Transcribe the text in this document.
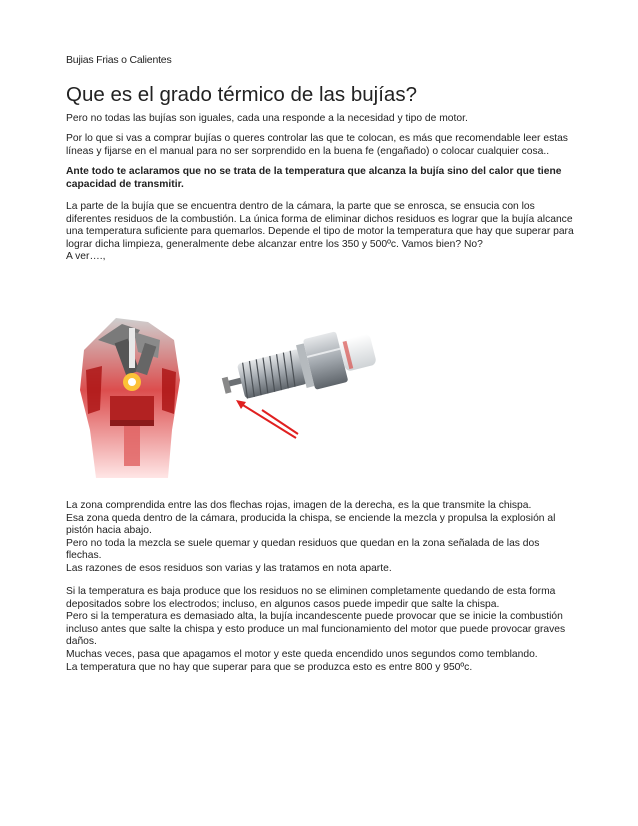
Bujias Frias o Calientes
Que es el grado térmico de las bujías?

Pero no todas las bujías son iguales, cada una responde a la necesidad y tipo de motor.

Por lo que si vas a comprar bujías o queres controlar las que te colocan, es más que recomendable leer estas
líneas y fijarse en el manual para no ser sorprendido en la buena fe (engañado) o colocar cualquier cosa..

Ante todo te aclaramos que no se trata de la temperatura que alcanza la bujía sino del calor que tiene
capacidad de transmitir.

La parte de la bujía que se encuentra dentro de la cámara, la parte que se enrosca, se ensucia con los
diferentes residuos de la combustión. La única forma de eliminar dichos residuos es lograr que la bujía alcance
una temperatura suficiente para quemarlos. Depende el tipo de motor la temperatura que hay que superar para
lograr dicha limpieza, generalmente debe alcanzar entre los 350 y 500ºc. Vamos bien? No?
A ver….,

La zona comprendida entre las dos flechas rojas, imagen de la derecha, es la que transmite la chispa.
Esa zona queda dentro de la cámara, producida la chispa, se enciende la mezcla y propulsa la explosión al
pistón hacia abajo.
Pero no toda la mezcla se suele quemar y quedan residuos que quedan en la zona señalada de las dos
flechas.
Las razones de esos residuos son varias y las tratamos en nota aparte.

Si la temperatura es baja produce que los residuos no se eliminen completamente quedando de esta forma
depositados sobre los electrodos; incluso, en algunos casos puede impedir que salte la chispa.
Pero si la temperatura es demasiado alta, la bujía incandescente puede provocar que se inicie la combustión
incluso antes que salte la chispa y esto produce un mal funcionamiento del motor que puede provocar graves
daños.
Muchas veces, pasa que apagamos el motor y este queda encendido unos segundos como temblando.
La temperatura que no hay que superar para que se produzca esto es entre 800 y 950ºc.
